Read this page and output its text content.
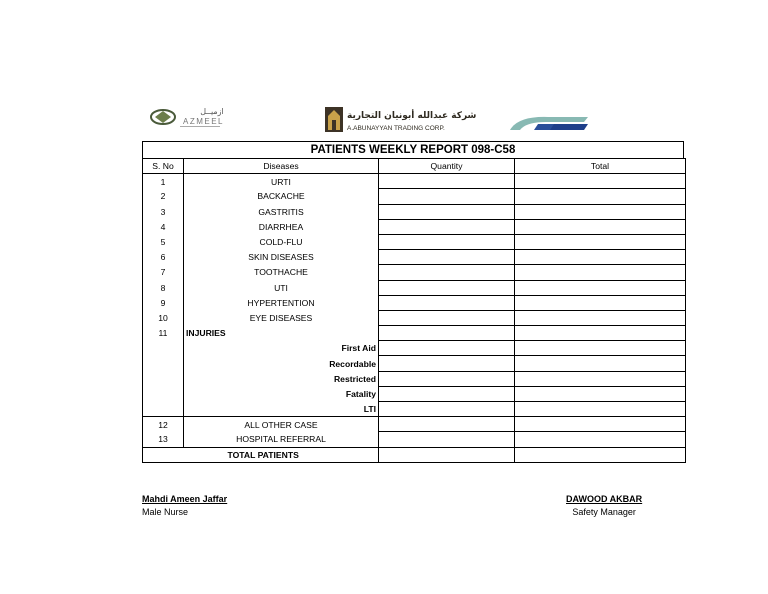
ازميــل
AZMEEL
شركة عبدالله أبونيان التجارية
A.ABUNAYYAN TRADING CORP.
PATIENTS WEEKLY REPORT 098-C58
S. No	Diseases	Quantity	Total
1	URTI		
2	BACKACHE		
3	GASTRITIS		
4	DIARRHEA		
5	COLD-FLU		
6	SKIN DISEASES		
7	TOOTHACHE		
8	UTI		
9	HYPERTENTION		
10	EYE DISEASES		
11	INJURIES		
	First Aid		
	Recordable		
	Restricted		
	Fatality		
	LTI		
12	ALL OTHER CASE		
13	HOSPITAL REFERRAL		
	TOTAL PATIENTS		
Mahdi Ameen Jaffar
Male Nurse
DAWOOD AKBAR
Safety Manager
